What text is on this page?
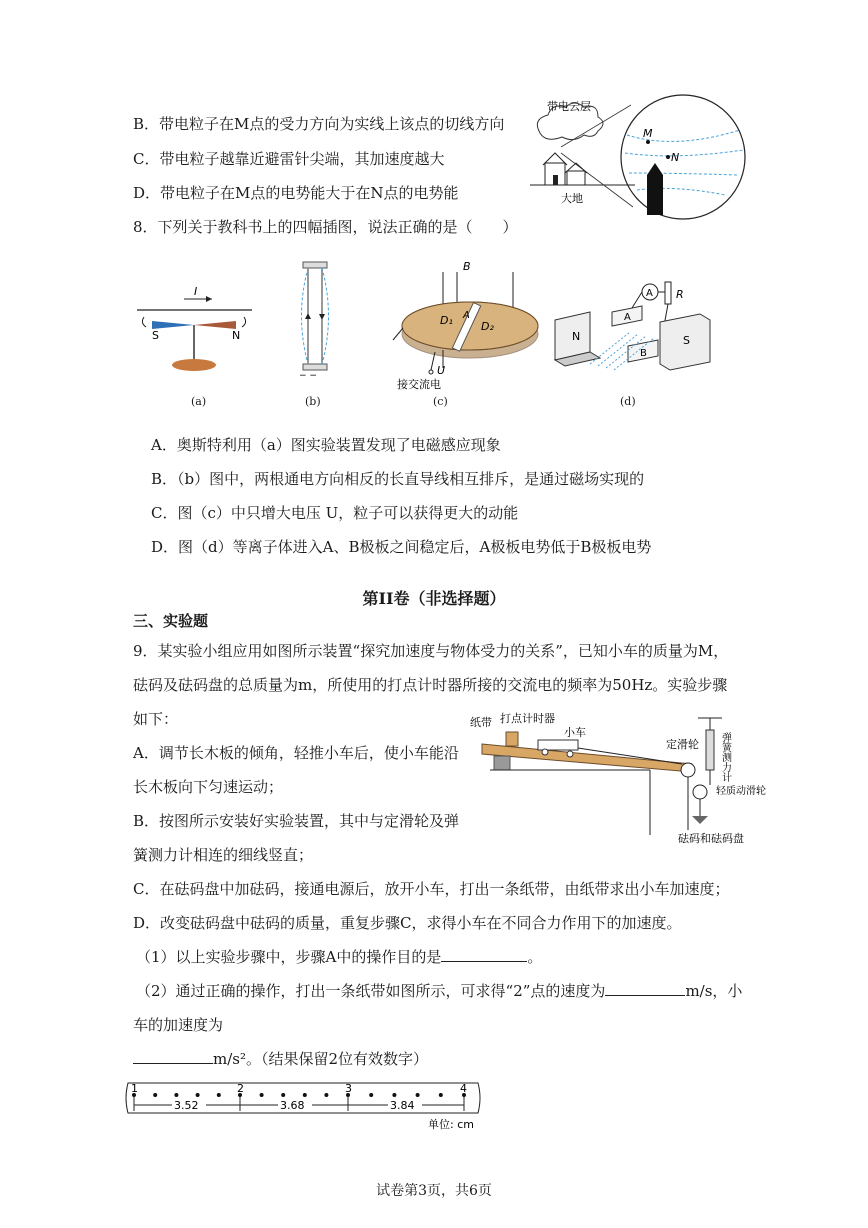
B．带电粒子在M点的受力方向为实线上该点的切线方向
C．带电粒子越靠近避雷针尖端，其加速度越大
D．带电粒子在M点的电势能大于在N点的电势能
带电云层
M
N
大地
8．下列关于教科书上的四幅插图，说法正确的是（　　）
I
S	N
(a)
− −
(b)
B
D₁	D₂
A
U
接交流电
(c)
A R
N
A
B
S
(d)
A．奥斯特利用（a）图实验装置发现了电磁感应现象
B．（b）图中，两根通电方向相反的长直导线相互排斥，是通过磁场实现的
C．图（c）中只增大电压 U，粒子可以获得更大的动能
D．图（d）等离子体进入A、B极板之间稳定后，A极板电势低于B极板电势
第II卷（非选择题）
三、实验题
9．某实验小组应用如图所示装置“探究加速度与物体受力的关系”，已知小车的质量为M，
砝码及砝码盘的总质量为m，所使用的打点计时器所接的交流电的频率为50Hz。实验步骤
如下：
A．调节长木板的倾角，轻推小车后，使小车能沿
长木板向下匀速运动；
B．按图所示安装好实验装置，其中与定滑轮及弹
簧测力计相连的细线竖直；
纸带 打点计时器
小车
定滑轮 弹簧测力计
轻质动滑轮
砝码和砝码盘
C．在砝码盘中加砝码，接通电源后，放开小车，打出一条纸带，由纸带求出小车加速度；
D．改变砝码盘中砝码的质量，重复步骤C，求得小车在不同合力作用下的加速度。
（1）以上实验步骤中，步骤A中的操作目的是	。
（2）通过正确的操作，打出一条纸带如图所示，可求得“2”点的速度为	m/s，小
车的加速度为
m/s²。（结果保留2位有效数字）
1	2	3	4
3.52	3.68	3.84
单位: cm
试卷第3页，共6页
